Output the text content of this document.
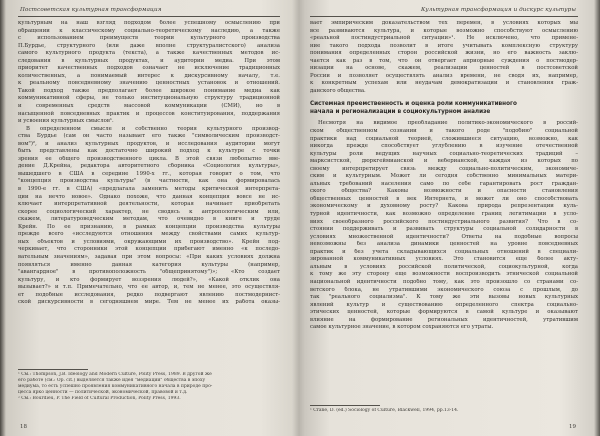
Постсоветская культурная трансформация
культурным на наш взгляд подходом более успешному осмыслению при
обращении к классическому социально-теоретическому наследию, а также
с использованием преимуществ теории культурного производства
П.Бурдье, структурного (или даже вполне структуралистского) анализа
самого культурного продукта (текста), а также качественных методов ис-
следования в культурных продуктах, и аудитории медиа. При этом
приоритет качественных подходов означает не исключение традиционных
количественных, а понимаемый интерес к дискурсивному началу, т.е.
к реальному повседневному значению ценностных установок и отношений.
Такой подход также предполагает более широкое понимание медиа как
коммуникативной сферы, не только институциональную структуру традиционной
и современных средств массовой коммуникации (СМИ), но в
насыщенной повседневных практик и процессов конституирования, поддержания
и усвоения культурных смыслов¹.
В определенном смысле и собственно теория культурного производ-
ства Бурдье (сам он часто называет его также "символическим производст-
вом")², и анализ культурных продуктов, и исследования аудитории могут
быть представлены как достаточно широкий подход к культуре с точки
зрения ее общего производственного цикла. В этой связи любопытно вве-
дение Д.Крейна, редактора авторитетного сборника «Социология культуры»,
вышедшего в США в середине 1990-х гг., которая говорит о том, что
"концепция производства культуры" (в частности, как она формировалась
в 1990-е гг. в США) «предлагала заменить методы критической интерпрета-
ции на нечто новое». Однако похоже, что данная концепция вовсе не ис-
ключает интерпретативной деятельности, которая начинает приобретать
скорее социологический характер, не сводясь к антропологическим или,
скажем, литературоведческим методам, что очевидно в книге и труде
Крейн. По ее признанию, в рамках концепции производства культуры
прежде всего «исследуются отношения между свойствами самих культур-
ных объектов и условиями, окружающими их производство». Крейн под-
черкивает, что сторонники этой концепции прибегают именно «к последо-
вательным значениям», задавая при этом вопросы: «При каких условиях должна
появляться именно данная категория культуры (например,
"авангардное" в противоположность "общепринятому")»; «Кто создает
культуру, и кто формирует воззрения людей?», «Какой отклик она
вызывает?» и т.п. Примечательно, что ее автор, и, тем не менее, это осуществля-
ет подобные исследования, редко подвергают явлению постмодернист-
ской дискурсивности в сегодняшнем мире. Тем не менее их работа оказы-
¹ См.: Thompson, J.B. Ideology and Modern Culture, Polity Press, 1989. В другой же
его работе (см.: Op. cit.) выделяется также идея "медиации" общества в эпоху
медиума, то есть успешно проявления коммуникативного начала в природе про-
цесса ярко ценности — политической, экономической, правовой и т.д.
² См.: Bourdieu, P. The Field of Cultural Production, Polity Press, 1993.
18
Культурная трансформация и дискурс культуры
вает эмпирическим доказательством тех перемен, в условиях которых мы
все развиваются культура, и которые возможно способствуют осмыслению
«реальной постиндустриальной ситуации»¹. Не исключено, что примене-
ние такого подхода позволит в итоге учитывать комплексную структуру
понимания определенных сторон российской жизни, но его важность заклю-
чается как раз в том, что он отвергает априорные суждения о постмодер-
низации на основе, скажем, реализации ценностей в постсоветской
России и позволяет осуществлять анализ времени, не сводя их, например,
к конкретным успехам или неудачам демократизации и становления граж-
данского общества.
Системная преемственность и оценка роли коммуникативного
начала и регионализации в социокультурном анализе
Несмотря на видимое преобладание политико-экономического в россий-
ском общественном сознании и такого роде "подобию" социальной
практики над социальной теорией, сложившиеся ситуацию, возможно, как
никогда прежде способствует углублению в изучение отечественной
культуры роли ведущих научных социально-теоретических традиций –
марксистской, дюркгеймианской и веберианской, каждая из которых по
своему интерпретирует связь между социально-политическим, экономиче-
ским и культурным. Может ли сегодня собственно минимальных матери-
альных требований населения само по себе гарантировать рост граждан-
ского общества? Каковы возможности и опасности становления
общественных ценностей в век Интернета, и может ли оно способствовать
экономическому и духовному росту? Какова природа репрезентации куль-
турной идентичности, как возможно определение границ легитимации в усло-
виях своеобразного российского постиндустриального развития? Что в со-
стоянии поддерживать и развивать структуры социальной солидарности в
условиях множественной идентичности? Ответы на подобные вопросы
невозможны без анализа динамики ценностей на уровне повседневных
практик и без учета складывающихся социальных отношений в специали-
зированной коммуникативных условиях. Это становится еще более акту-
альным в условиях российской политической, социокультурной, когда
к тому же эту сторону еще возможности воспроизводить этнической социальной
национальной идентичности подобно тому, как это произошло со странами со-
ветского блока, не утратившими экономического союза с прошлым, до
так "реального социализма". К тому же эти вызовы новых культурных
явлений культур и существованию определенного спектра социально-
этических ценностей, которые формируются в самой культуре и оказывают
влияние на формирование региональных идентичностей, утратившим
самое культурное значение, в котором сохраняются его утраты.
¹ Crane, D. (ed.) Sociology of Culture, Blackwell, 1994, pp.13-14.
19
